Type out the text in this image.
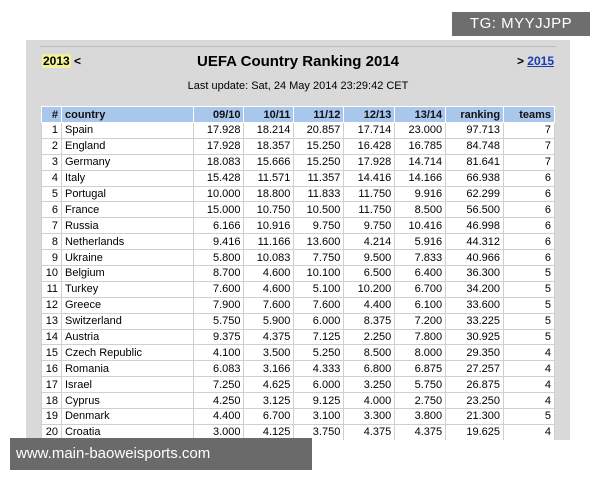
2013 <	UEFA Country Ranking 2014	> 2015
Last update: Sat, 24 May 2014 23:29:42 CET
#	country	09/10	10/11	11/12	12/13	13/14	ranking	teams
1	Spain	17.928	18.214	20.857	17.714	23.000	97.713	7
2	England	17.928	18.357	15.250	16.428	16.785	84.748	7
3	Germany	18.083	15.666	15.250	17.928	14.714	81.641	7
4	Italy	15.428	11.571	11.357	14.416	14.166	66.938	6
5	Portugal	10.000	18.800	11.833	11.750	9.916	62.299	6
6	France	15.000	10.750	10.500	11.750	8.500	56.500	6
7	Russia	6.166	10.916	9.750	9.750	10.416	46.998	6
8	Netherlands	9.416	11.166	13.600	4.214	5.916	44.312	6
9	Ukraine	5.800	10.083	7.750	9.500	7.833	40.966	6
10	Belgium	8.700	4.600	10.100	6.500	6.400	36.300	5
11	Turkey	7.600	4.600	5.100	10.200	6.700	34.200	5
12	Greece	7.900	7.600	7.600	4.400	6.100	33.600	5
13	Switzerland	5.750	5.900	6.000	8.375	7.200	33.225	5
14	Austria	9.375	4.375	7.125	2.250	7.800	30.925	5
15	Czech Republic	4.100	3.500	5.250	8.500	8.000	29.350	4
16	Romania	6.083	3.166	4.333	6.800	6.875	27.257	4
17	Israel	7.250	4.625	6.000	3.250	5.750	26.875	4
18	Cyprus	4.250	3.125	9.125	4.000	2.750	23.250	4
19	Denmark	4.400	6.700	3.100	3.300	3.800	21.300	5
20	Croatia	3.000	4.125	3.750	4.375	4.375	19.625	4
TG: MYYJJPP
www.main-baoweisports.com
